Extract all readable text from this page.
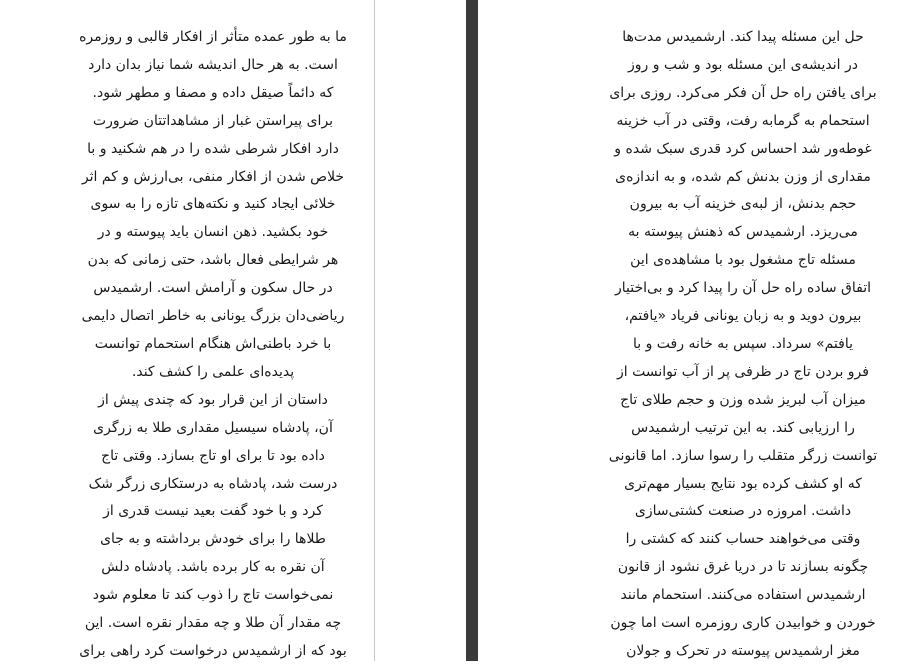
ما به طور عمده متأثر از افکار قالبی و روزمره
است. به هر حال اندیشه شما نیاز بدان دارد
که دائماً صیقل داده و مصفا و مطهر شود.
برای پیراستن غبار از مشاهداتتان ضرورت
دارد افکار شرطی شده را در هم شکنید و با
خلاص شدن از افکار منفی، بی‌ارزش و کم اثر
خلائی ایجاد کنید و نکته‌های تازه را به سوی
خود بکشید. ذهن انسان باید پیوسته و در
هر شرایطی فعال باشد، حتی زمانی که بدن
در حال سکون و آرامش است. ارشمیدس
ریاضی‌دان بزرگ یونانی به خاطر اتصال دایمی
با خرد باطنی‌اش هنگام استحمام توانست
پدیده‌ای علمی را کشف کند.
داستان از این قرار بود که چندی پیش از
آن، پادشاه سیسیل مقداری طلا به زرگری
داده بود تا برای او تاج بسازد. وقتی تاج
درست شد، پادشاه به درستکاری زرگر شک
کرد و با خود گفت بعید نیست قدری از
طلاها را برای خودش برداشته و به جای
آن نقره به کار برده باشد. پادشاه دلش
نمی‌خواست تاج را ذوب کند تا معلوم شود
چه مقدار آن طلا و چه مقدار نقره است. این
بود که از ارشمیدس درخواست کرد راهی برای

حل این مسئله پیدا کند. ارشمیدس مدت‌ها
در اندیشه‌ی این مسئله بود و شب و روز
برای یافتن راه حل آن فکر می‌کرد. روزی برای
استحمام به گرمابه رفت، وقتی در آب خزینه
غوطه‌ور شد احساس کرد قدری سبک شده و
مقداری از وزن بدنش کم شده، و به اندازه‌ی
حجم بدنش، از لبه‌ی خزینه آب به بیرون
می‌ریزد. ارشمیدس که ذهنش پیوسته به
مسئله تاج مشغول بود با مشاهده‌ی این
اتفاق ساده راه حل آن را پیدا کرد و بی‌اختیار
بیرون دوید و به زبان یونانی فریاد «یافتم،
یافتم» سرداد. سپس به خانه رفت و با
فرو بردن تاج در ظرفی پر از آب توانست از
میزان آب لبریز شده وزن و حجم طلای تاج
را ارزیابی کند. به این ترتیب ارشمیدس
توانست زرگر متقلب را رسوا سازد. اما قانونی
که او کشف کرده بود نتایج بسیار مهم‌تری
داشت. امروزه در صنعت کشتی‌سازی
وقتی می‌خواهند حساب کنند که کشتی را
چگونه بسازند تا در دریا غرق نشود از قانون
ارشمیدس استفاده می‌کنند. استحمام مانند
خوردن و خوابیدن کاری روزمره است اما چون
مغز ارشمیدس پیوسته در تحرک و جولان
